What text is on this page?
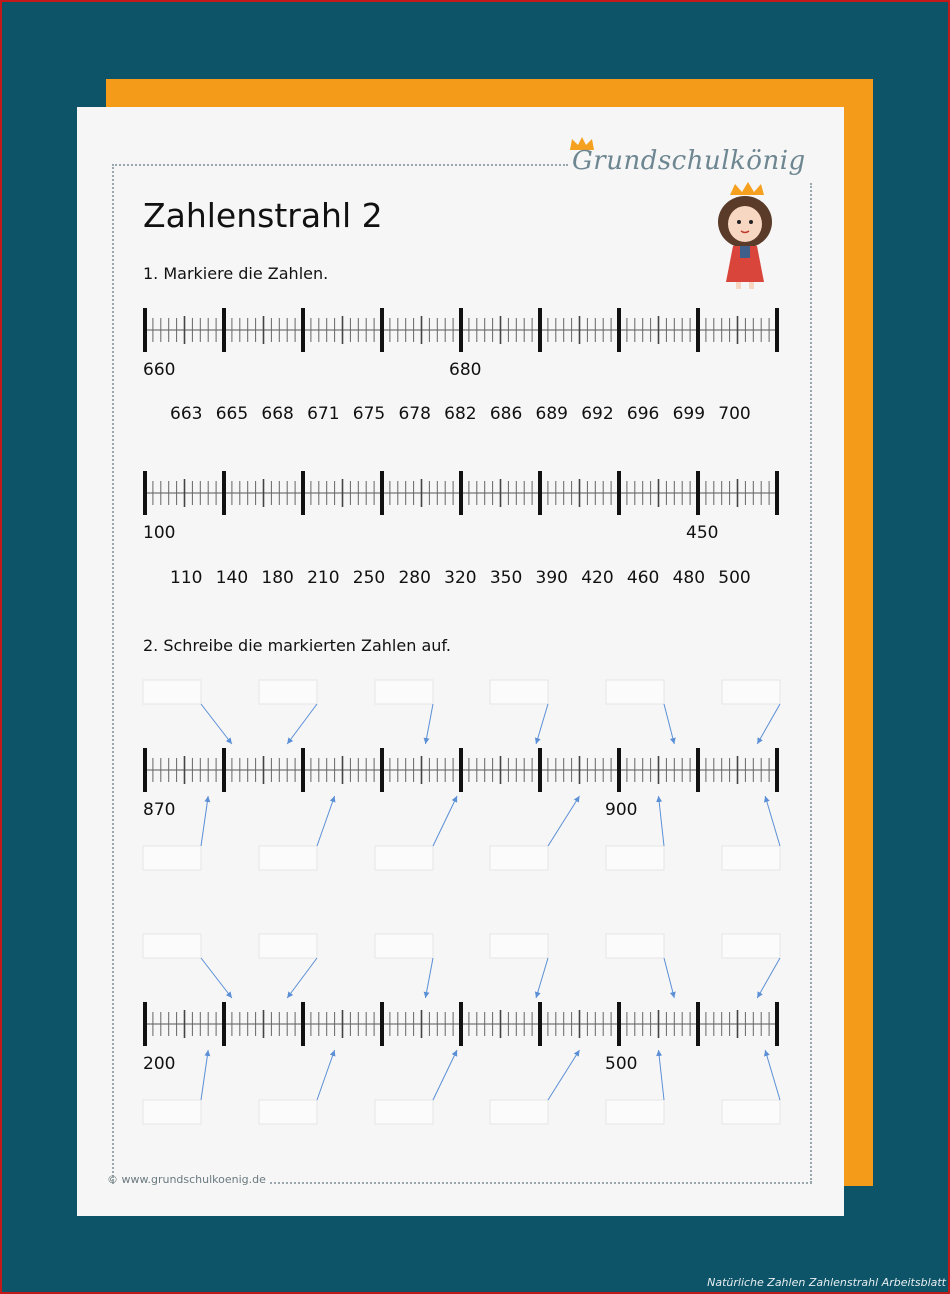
Grundschulkönig
Zahlenstrahl 2
1. Markiere die Zahlen.
2. Schreibe die markierten Zahlen auf.
660	680
663 665 668 671 675 678 682 686 689 692 696 699 700
100	450
110 140 180 210 250 280 320 350 390 420 460 480 500
870	900
200	500
© www.grundschulkoenig.de
Natürliche Zahlen Zahlenstrahl Arbeitsblatt
